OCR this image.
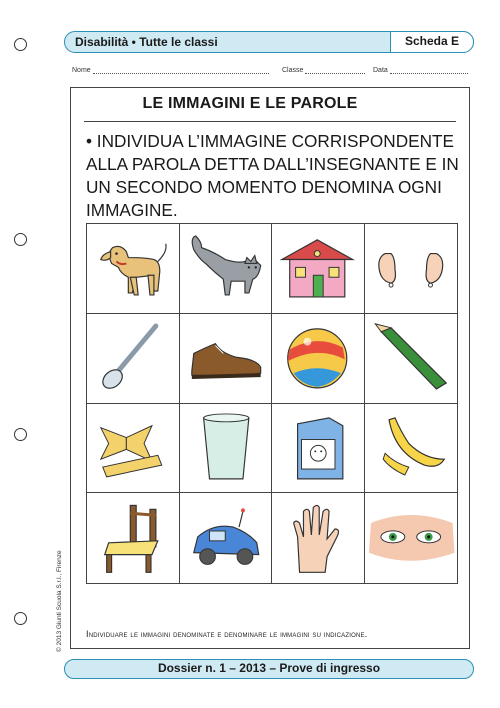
Disabilità • Tutte le classi	Scheda E
Nome	Classe	Data
LE IMMAGINI E LE PAROLE
• INDIVIDUA L’IMMAGINE CORRISPONDENTE ALLA PAROLA DETTA DALL’INSEGNANTE E IN UN SECONDO MOMENTO DENOMINA OGNI IMMAGINE.
Individuare le immagini denominate e denominare le immagini su indicazione.
© 2013 Giunti Scuola S.r.l., Firenze
Dossier n. 1 – 2013 – Prove di ingresso
